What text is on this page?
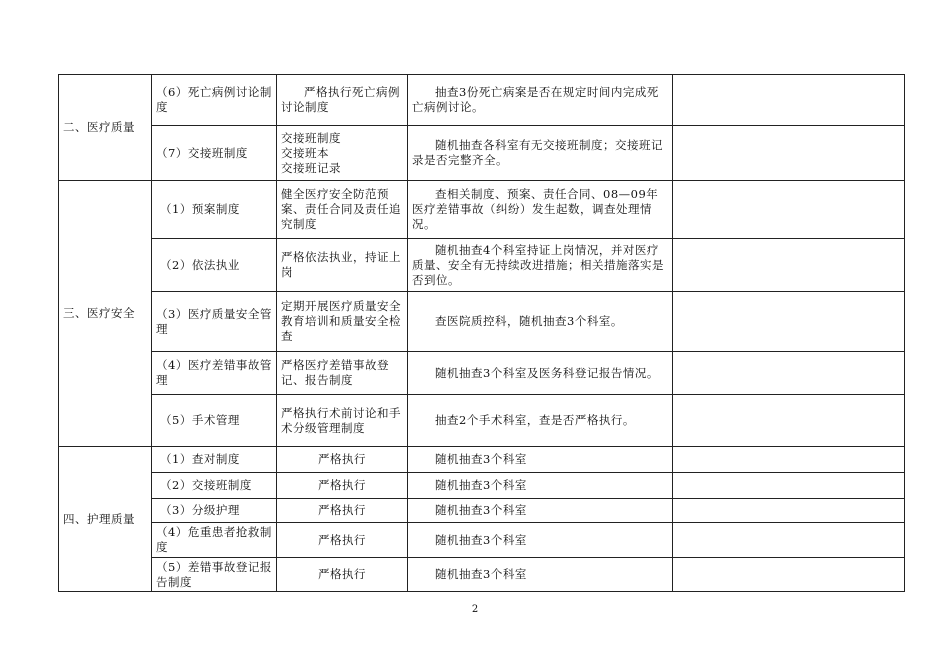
二、医疗质量	（6）死亡病例讨论制度	严格执行死亡病例讨论制度	抽查3份死亡病案是否在规定时间内完成死亡病例讨论。	
	（7）交接班制度	交接班制度
交接班本
交接班记录	随机抽查各科室有无交接班制度；交接班记录是否完整齐全。	
三、医疗安全	（1）预案制度	健全医疗安全防范预案、责任合同及责任追究制度	查相关制度、预案、责任合同、08—09年医疗差错事故（纠纷）发生起数，调查处理情况。	
	（2）依法执业	严格依法执业，持证上岗	随机抽查4个科室持证上岗情况，并对医疗质量、安全有无持续改进措施；相关措施落实是否到位。	
	（3）医疗质量安全管理	定期开展医疗质量安全教育培训和质量安全检查	查医院质控科，随机抽查3个科室。	
	（4）医疗差错事故管理	严格医疗差错事故登记、报告制度	随机抽查3个科室及医务科登记报告情况。	
	（5）手术管理	严格执行术前讨论和手术分级管理制度	抽查2个手术科室，查是否严格执行。	
四、护理质量	（1）查对制度	严格执行	随机抽查3个科室	
	（2）交接班制度	严格执行	随机抽查3个科室	
	（3）分级护理	严格执行	随机抽查3个科室	
	（4）危重患者抢救制度	严格执行	随机抽查3个科室	
	（5）差错事故登记报告制度	严格执行	随机抽查3个科室	
2
